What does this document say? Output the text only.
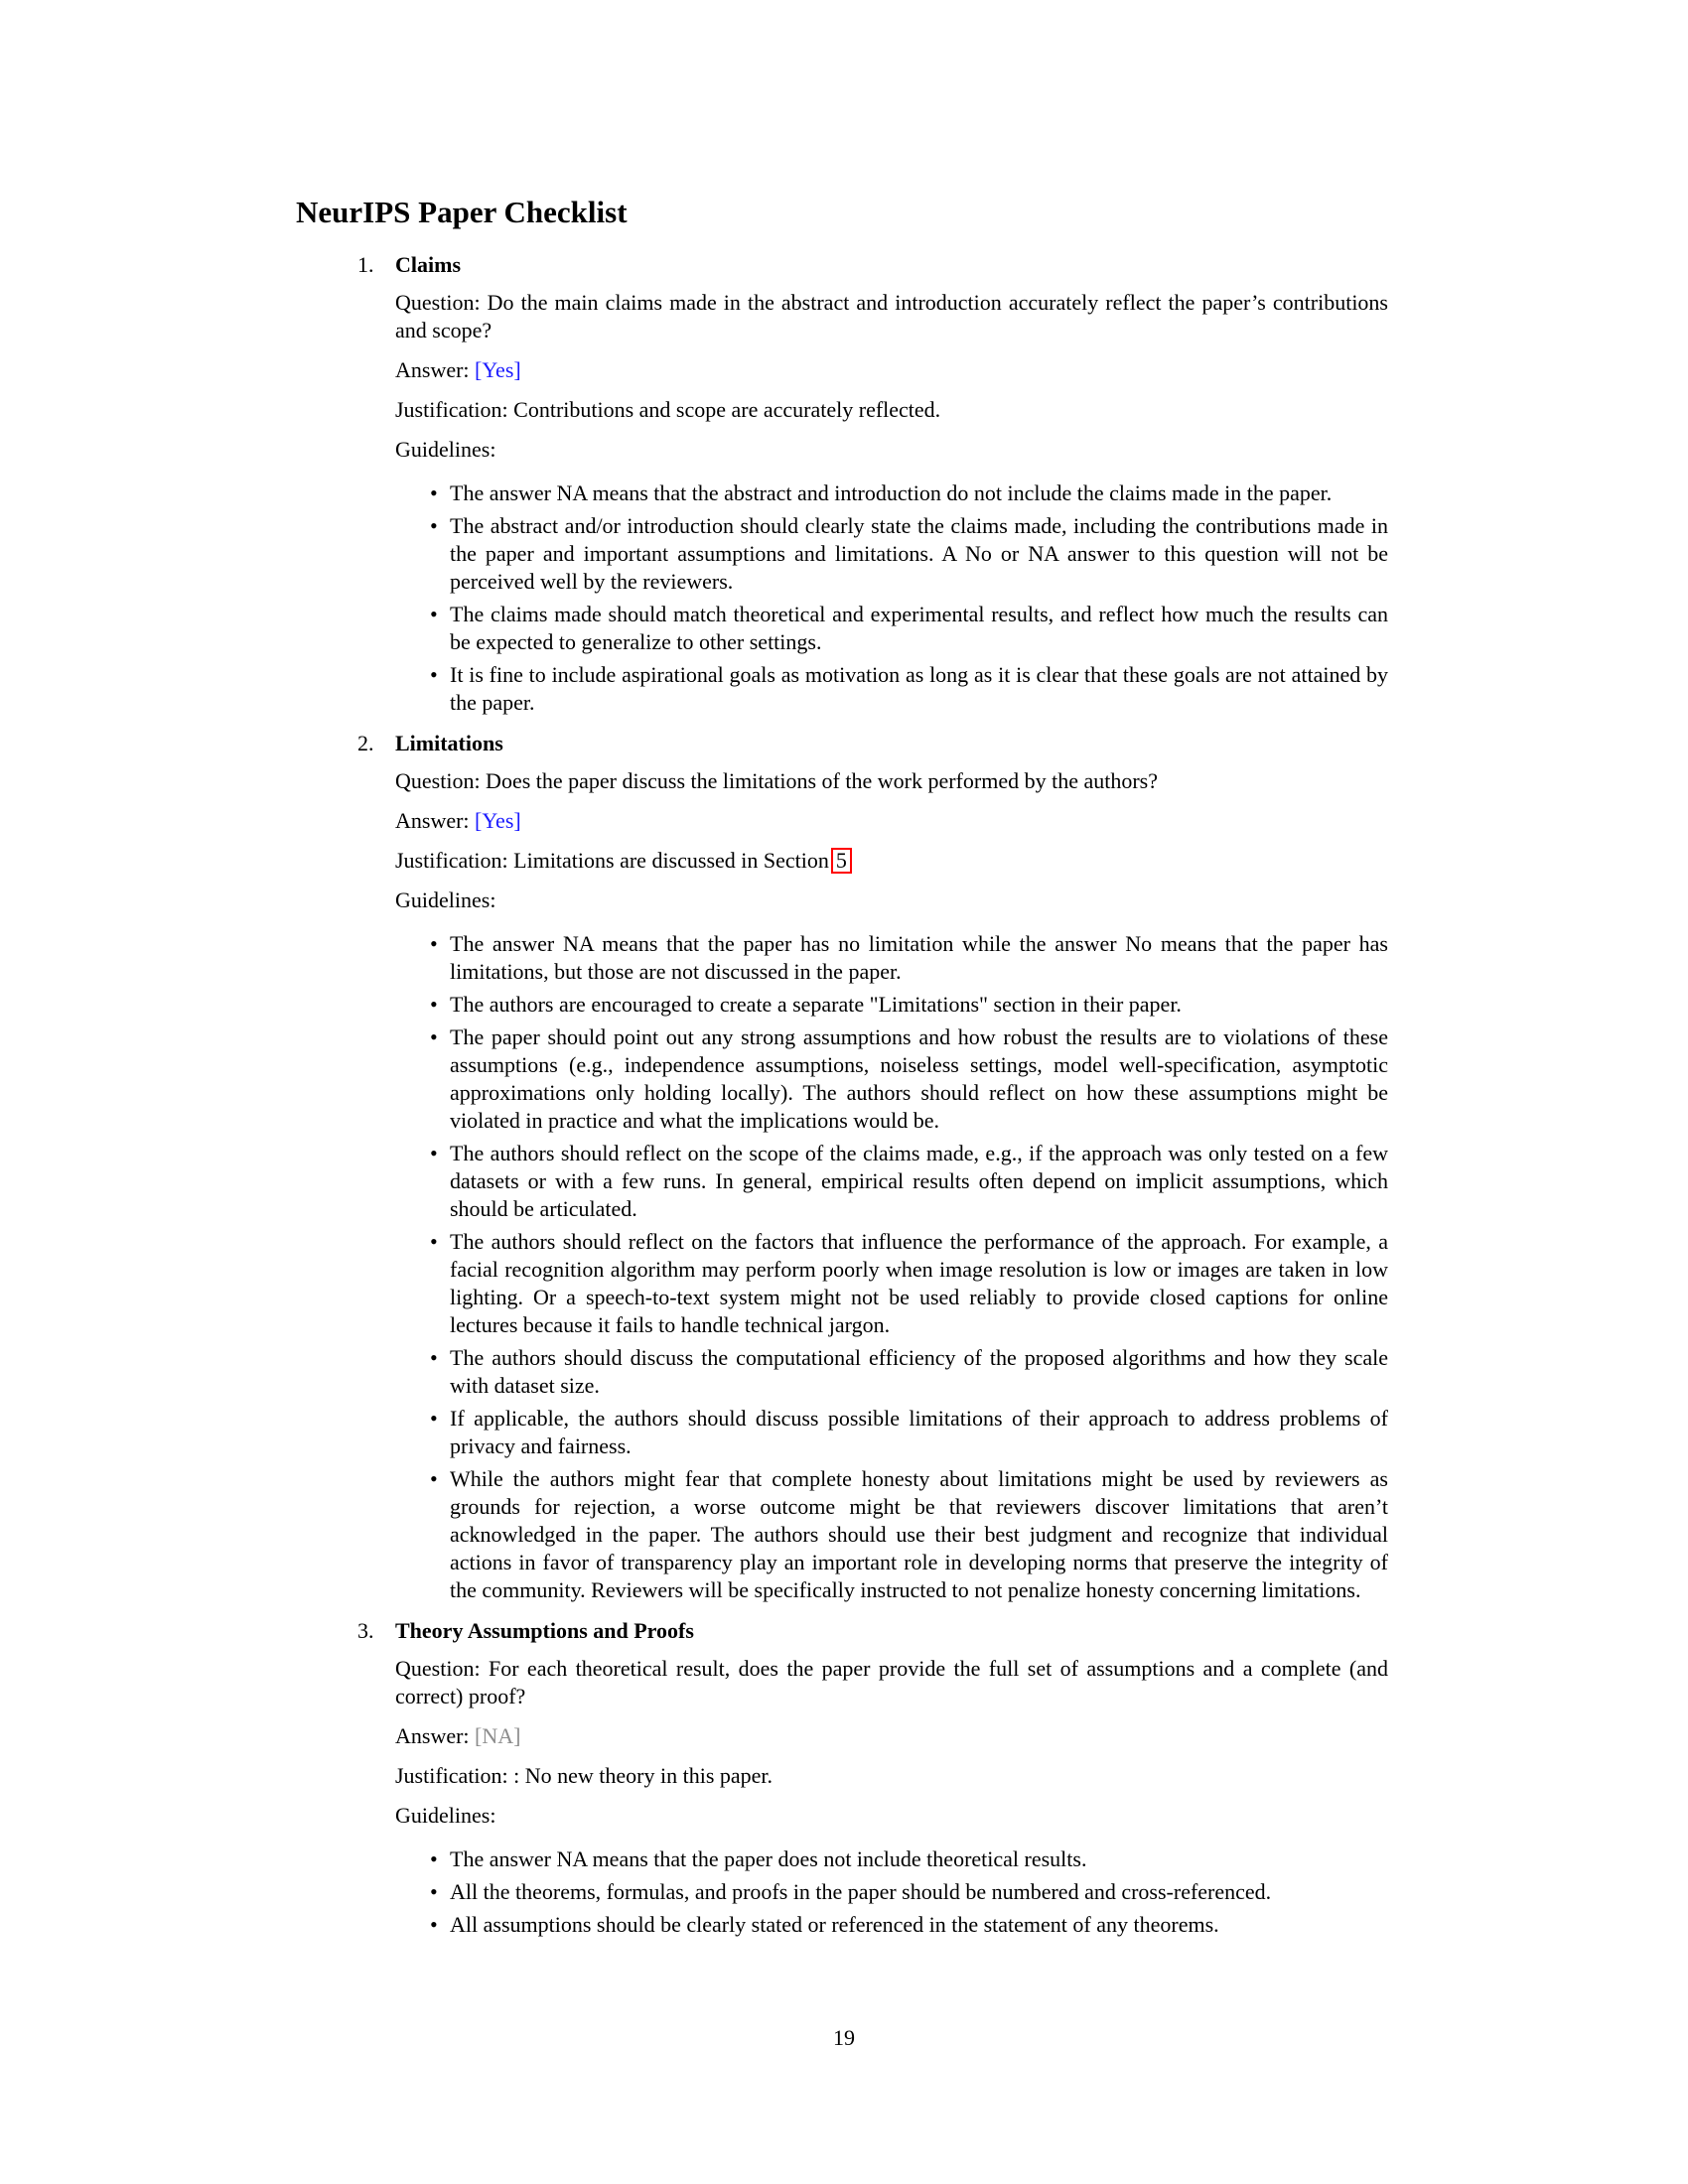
NeurIPS Paper Checklist
1. Claims

Question: Do the main claims made in the abstract and introduction accurately reflect the paper’s contributions and scope?

Answer: [Yes]

Justification: Contributions and scope are accurately reflected.

Guidelines:

• The answer NA means that the abstract and introduction do not include the claims made in the paper.
• The abstract and/or introduction should clearly state the claims made, including the contributions made in the paper and important assumptions and limitations. A No or NA answer to this question will not be perceived well by the reviewers.
• The claims made should match theoretical and experimental results, and reflect how much the results can be expected to generalize to other settings.
• It is fine to include aspirational goals as motivation as long as it is clear that these goals are not attained by the paper.
2. Limitations

Question: Does the paper discuss the limitations of the work performed by the authors?

Answer: [Yes]

Justification: Limitations are discussed in Section 5

Guidelines:

• The answer NA means that the paper has no limitation while the answer No means that the paper has limitations, but those are not discussed in the paper.
• The authors are encouraged to create a separate "Limitations" section in their paper.
• The paper should point out any strong assumptions and how robust the results are to violations of these assumptions (e.g., independence assumptions, noiseless settings, model well-specification, asymptotic approximations only holding locally). The authors should reflect on how these assumptions might be violated in practice and what the implications would be.
• The authors should reflect on the scope of the claims made, e.g., if the approach was only tested on a few datasets or with a few runs. In general, empirical results often depend on implicit assumptions, which should be articulated.
• The authors should reflect on the factors that influence the performance of the approach. For example, a facial recognition algorithm may perform poorly when image resolution is low or images are taken in low lighting. Or a speech-to-text system might not be used reliably to provide closed captions for online lectures because it fails to handle technical jargon.
• The authors should discuss the computational efficiency of the proposed algorithms and how they scale with dataset size.
• If applicable, the authors should discuss possible limitations of their approach to address problems of privacy and fairness.
• While the authors might fear that complete honesty about limitations might be used by reviewers as grounds for rejection, a worse outcome might be that reviewers discover limitations that aren’t acknowledged in the paper. The authors should use their best judgment and recognize that individual actions in favor of transparency play an important role in developing norms that preserve the integrity of the community. Reviewers will be specifically instructed to not penalize honesty concerning limitations.
3. Theory Assumptions and Proofs

Question: For each theoretical result, does the paper provide the full set of assumptions and a complete (and correct) proof?

Answer: [NA]

Justification: : No new theory in this paper.

Guidelines:

• The answer NA means that the paper does not include theoretical results.
• All the theorems, formulas, and proofs in the paper should be numbered and cross-referenced.
• All assumptions should be clearly stated or referenced in the statement of any theorems.
19
